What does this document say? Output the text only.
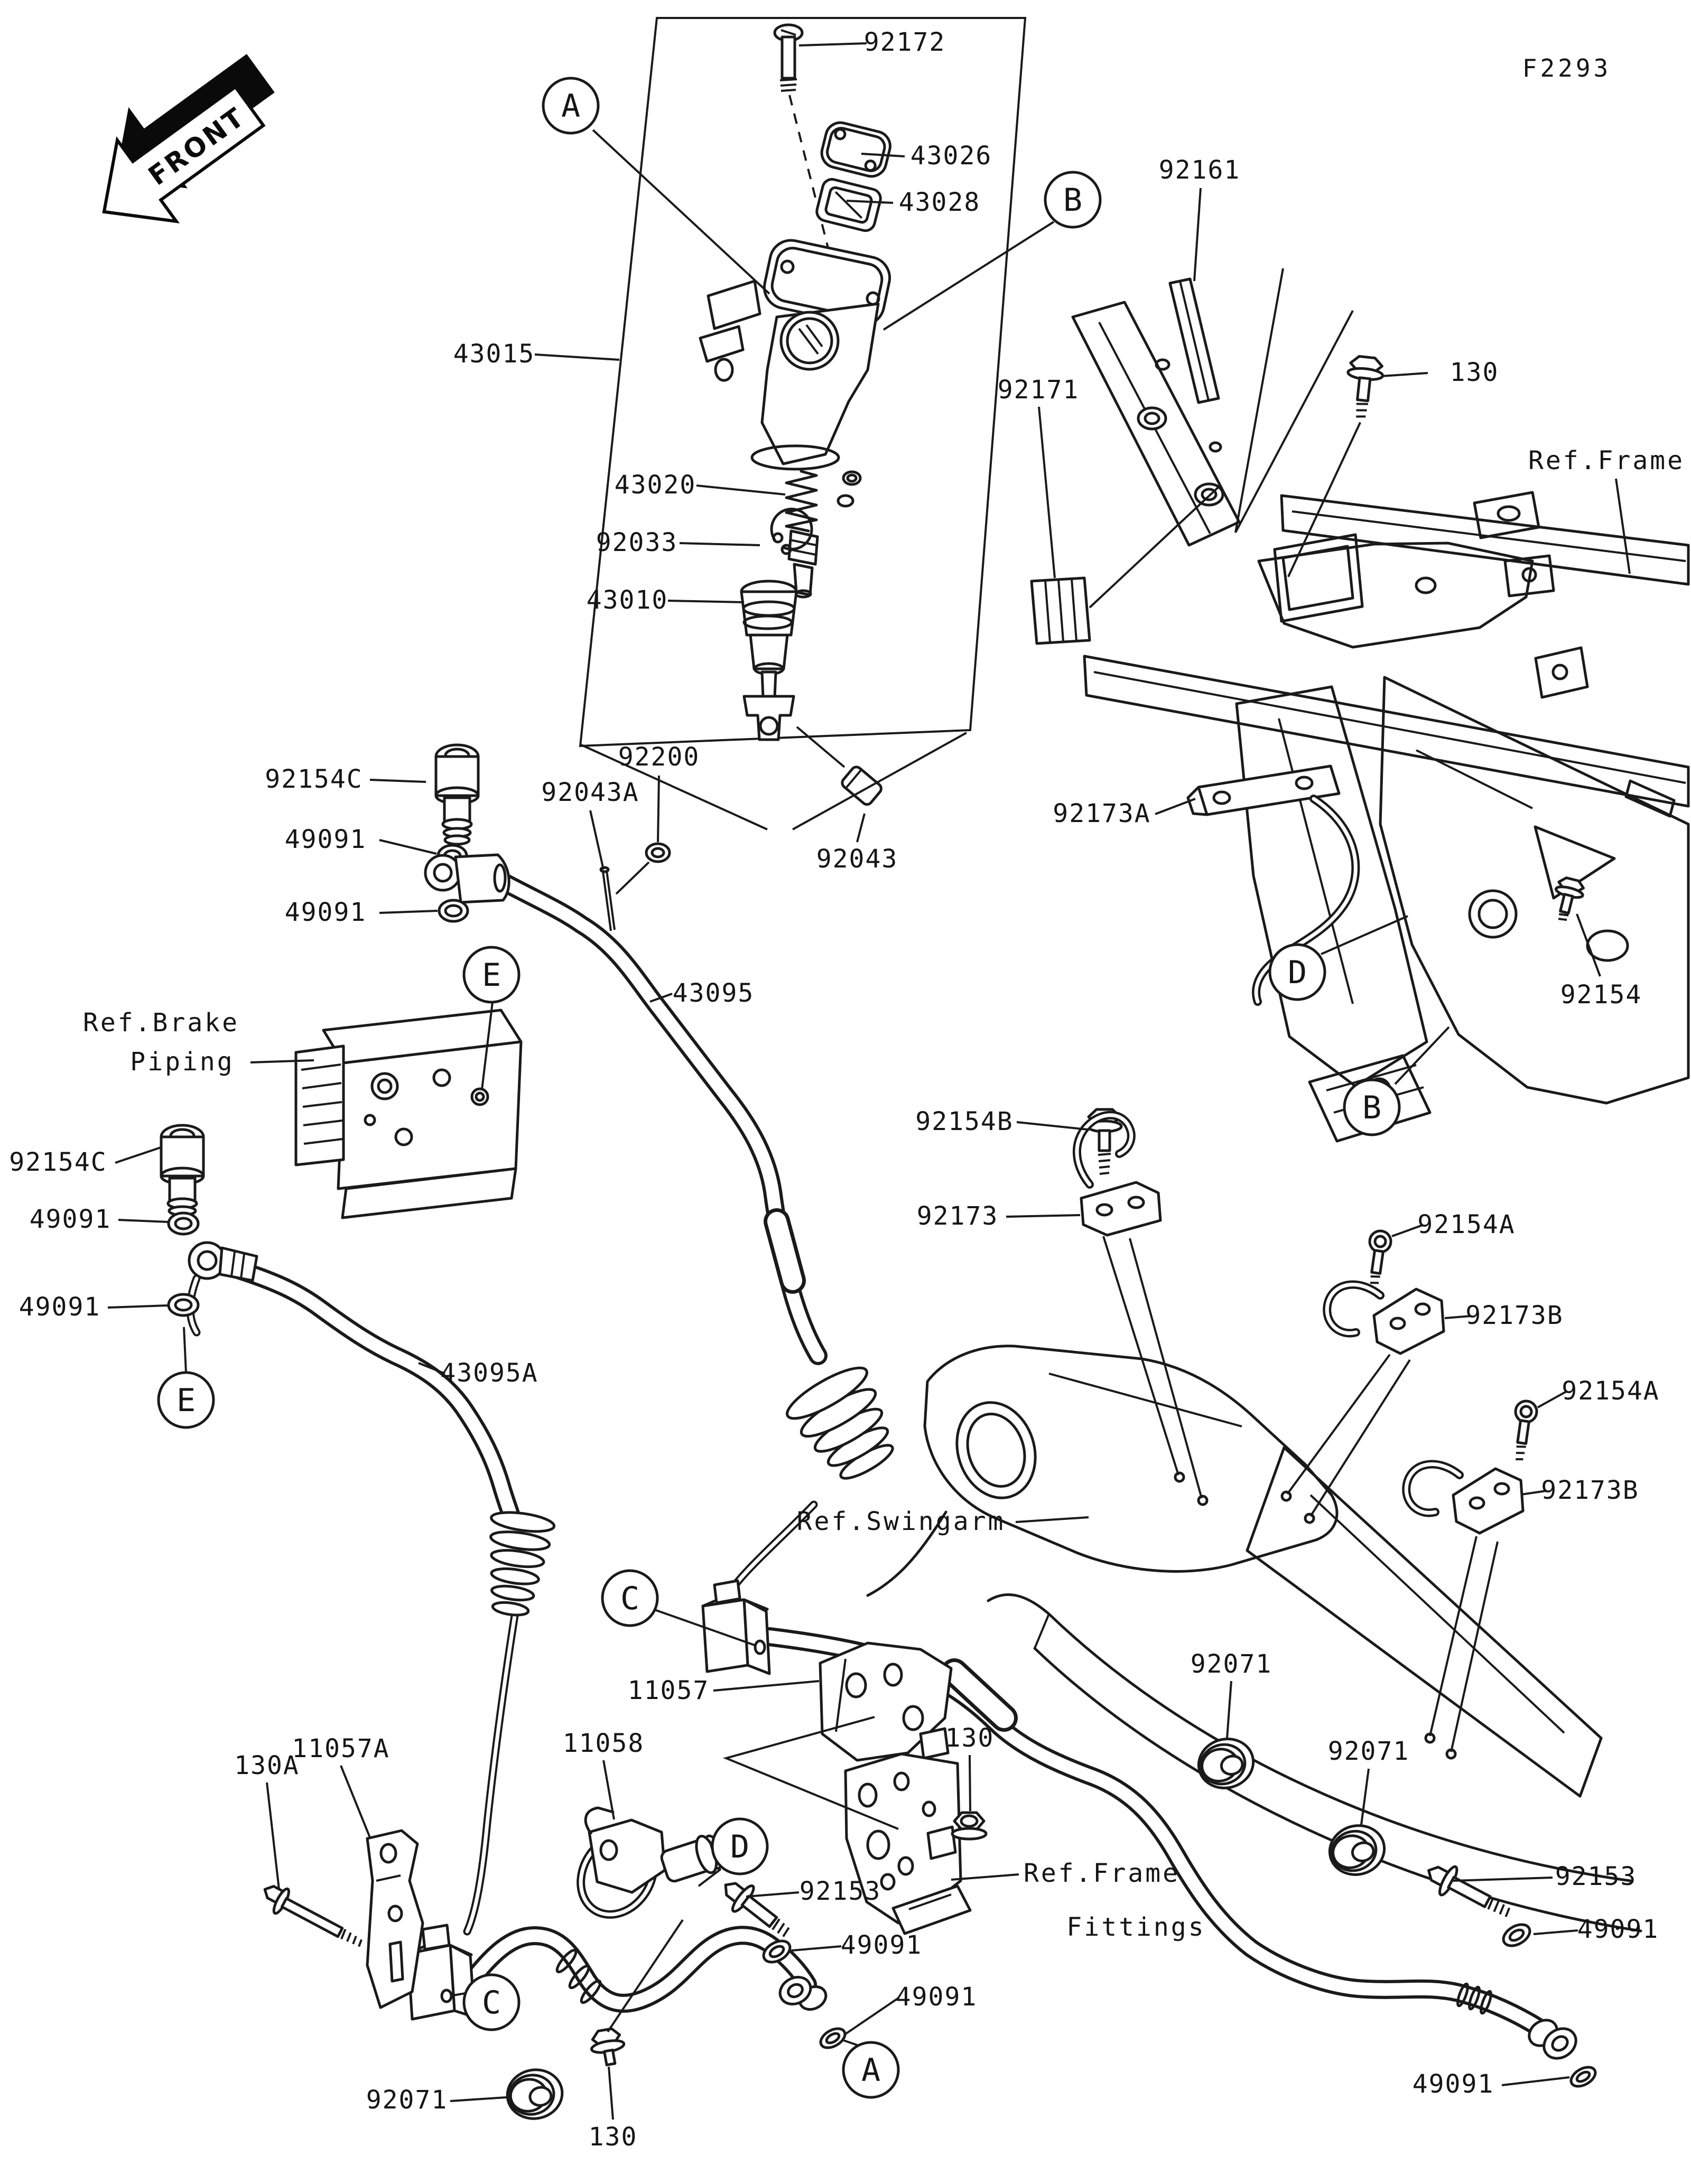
FRONT
F2293
Ref.Frame
Ref.Brake Piping
Ref.Swingarm
Ref.Frame Fittings
92172
43026
43028
92161
92171
130
43015
43020
92033
43010
92154C
92200
92043A
49091
92043
92173A
49091
43095	92154
92154C
92154B
49091	92173	92154A
49091	92173B
43095A
92154A
92173B
92071
11057
92071
11058	130
11057A
130A
92153	92153
49091
49091
49091
49091
92071
130
A
B
E	D
B
E
C
D
C
A
